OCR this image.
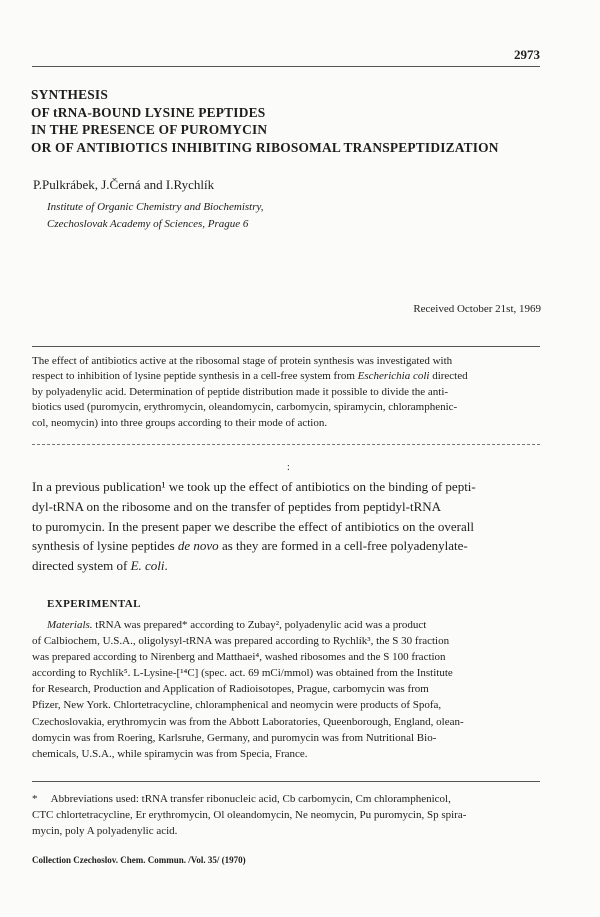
2973
SYNTHESIS
OF tRNA-BOUND LYSINE PEPTIDES
IN THE PRESENCE OF PUROMYCIN
OR OF ANTIBIOTICS INHIBITING RIBOSOMAL TRANSPEPTIDIZATION
P.Pulkrábek, J.Černá and I.Rychlík
Institute of Organic Chemistry and Biochemistry,
Czechoslovak Academy of Sciences, Prague 6
Received October 21st, 1969
The effect of antibiotics active at the ribosomal stage of protein synthesis was investigated with
respect to inhibition of lysine peptide synthesis in a cell-free system from Escherichia coli directed
by polyadenylic acid. Determination of peptide distribution made it possible to divide the anti-
biotics used (puromycin, erythromycin, oleandomycin, carbomycin, spiramycin, chloramphenic-
col, neomycin) into three groups according to their mode of action.
:
In a previous publication¹ we took up the effect of antibiotics on the binding of pepti-
dyl-tRNA on the ribosome and on the transfer of peptides from peptidyl-tRNA
to puromycin. In the present paper we describe the effect of antibiotics on the overall
synthesis of lysine peptides de novo as they are formed in a cell-free polyadenylate-
directed system of E. coli.
EXPERIMENTAL
Materials. tRNA was prepared* according to Zubay², polyadenylic acid was a product
of Calbiochem, U.S.A., oligolysyl-tRNA was prepared according to Rychlík³, the S 30 fraction
was prepared according to Nirenberg and Matthaei⁴, washed ribosomes and the S 100 fraction
according to Rychlík⁵. L-Lysine-[¹⁴C] (spec. act. 69 mCi/mmol) was obtained from the Institute
for Research, Production and Application of Radioisotopes, Prague, carbomycin was from
Pfizer, New York. Chlortetracycline, chloramphenical and neomycin were products of Spofa,
Czechoslovakia, erythromycin was from the Abbott Laboratories, Queenborough, England, olean-
domycin was from Roering, Karlsruhe, Germany, and puromycin was from Nutritional Bio-
chemicals, U.S.A., while spiramycin was from Specia, France.
*     Abbreviations used: tRNA transfer ribonucleic acid, Cb carbomycin, Cm chloramphenicol,
CTC chlortetracycline, Er erythromycin, Ol oleandomycin, Ne neomycin, Pu puromycin, Sp spira-
mycin, poly A polyadenylic acid.
Collection Czechoslov. Chem. Commun. /Vol. 35/ (1970)
